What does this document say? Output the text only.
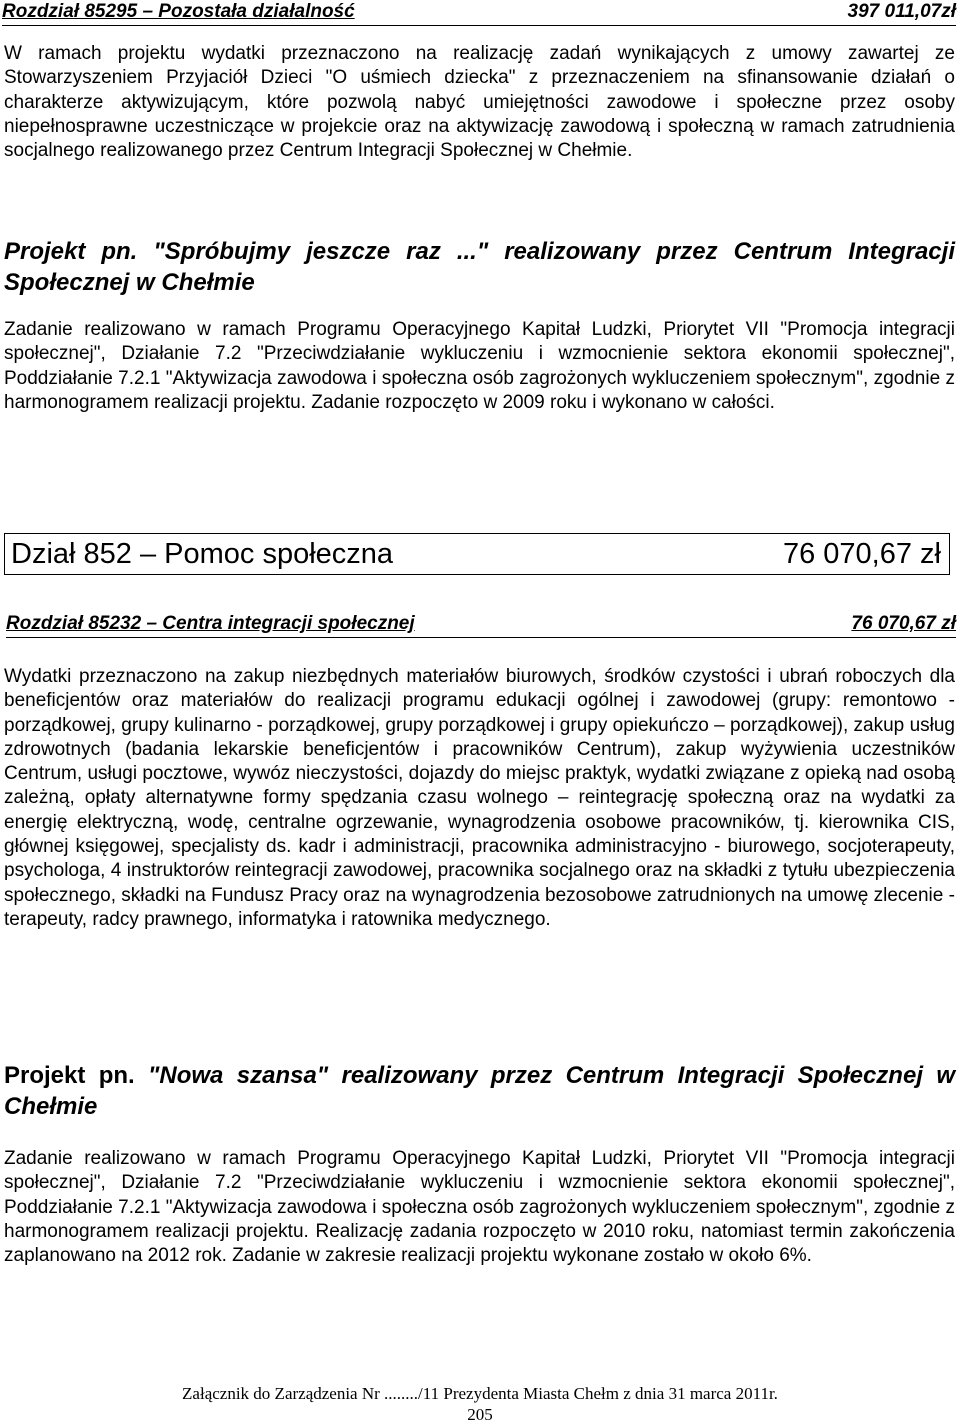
Rozdział 85295 – Pozostała działalność	397 011,07zł

W ramach projektu wydatki przeznaczono na realizację zadań wynikających z umowy zawartej ze Stowarzyszeniem Przyjaciół Dzieci "O uśmiech dziecka" z przeznaczeniem na sfinansowanie działań o charakterze aktywizującym, które pozwolą nabyć umiejętności zawodowe i społeczne przez osoby niepełnosprawne uczestniczące w projekcie oraz na aktywizację zawodową i społeczną w ramach zatrudnienia socjalnego realizowanego przez Centrum Integracji Społecznej w Chełmie.

Projekt pn. "Spróbujmy jeszcze raz ..." realizowany przez Centrum Integracji Społecznej w Chełmie

Zadanie realizowano w ramach Programu Operacyjnego Kapitał Ludzki, Priorytet VII "Promocja integracji społecznej", Działanie 7.2 "Przeciwdziałanie wykluczeniu i wzmocnienie sektora ekonomii społecznej", Poddziałanie 7.2.1 "Aktywizacja zawodowa i społeczna osób zagrożonych wykluczeniem społecznym", zgodnie z harmonogramem realizacji projektu. Zadanie rozpoczęto w 2009 roku i wykonano w całości.

Dział 852 – Pomoc społeczna	76 070,67 zł
Rozdział 85232 – Centra integracji społecznej	76 070,67 zł

Wydatki przeznaczono na zakup niezbędnych materiałów biurowych, środków czystości i ubrań roboczych dla beneficjentów oraz materiałów do realizacji programu edukacji ogólnej i zawodowej (grupy: remontowo - porządkowej, grupy kulinarno - porządkowej, grupy porządkowej i grupy opiekuńczo – porządkowej), zakup usług zdrowotnych (badania lekarskie beneficjentów i pracowników Centrum), zakup wyżywienia uczestników Centrum, usługi pocztowe, wywóz nieczystości, dojazdy do miejsc praktyk, wydatki związane z opieką nad osobą zależną, opłaty alternatywne formy spędzania czasu wolnego – reintegrację społeczną oraz na wydatki za energię elektryczną, wodę, centralne ogrzewanie, wynagrodzenia osobowe pracowników, tj. kierownika CIS, głównej księgowej, specjalisty ds. kadr i administracji, pracownika administracyjno - biurowego, socjoterapeuty, psychologa, 4 instruktorów reintegracji zawodowej, pracownika socjalnego oraz na składki z tytułu ubezpieczenia społecznego, składki na Fundusz Pracy oraz na wynagrodzenia bezosobowe zatrudnionych na umowę zlecenie - terapeuty, radcy prawnego, informatyka i ratownika medycznego.

Projekt pn. "Nowa szansa" realizowany przez Centrum Integracji Społecznej w Chełmie

Zadanie realizowano w ramach Programu Operacyjnego Kapitał Ludzki, Priorytet VII "Promocja integracji społecznej", Działanie 7.2 "Przeciwdziałanie wykluczeniu i wzmocnienie sektora ekonomii społecznej", Poddziałanie 7.2.1 "Aktywizacja zawodowa i społeczna osób zagrożonych wykluczeniem społecznym", zgodnie z harmonogramem realizacji projektu. Realizację zadania rozpoczęto w 2010 roku, natomiast termin zakończenia zaplanowano na 2012 rok. Zadanie w zakresie realizacji projektu wykonane zostało w około 6%.

Załącznik do Zarządzenia Nr ......../11 Prezydenta Miasta Chełm z dnia 31 marca 2011r.
205
